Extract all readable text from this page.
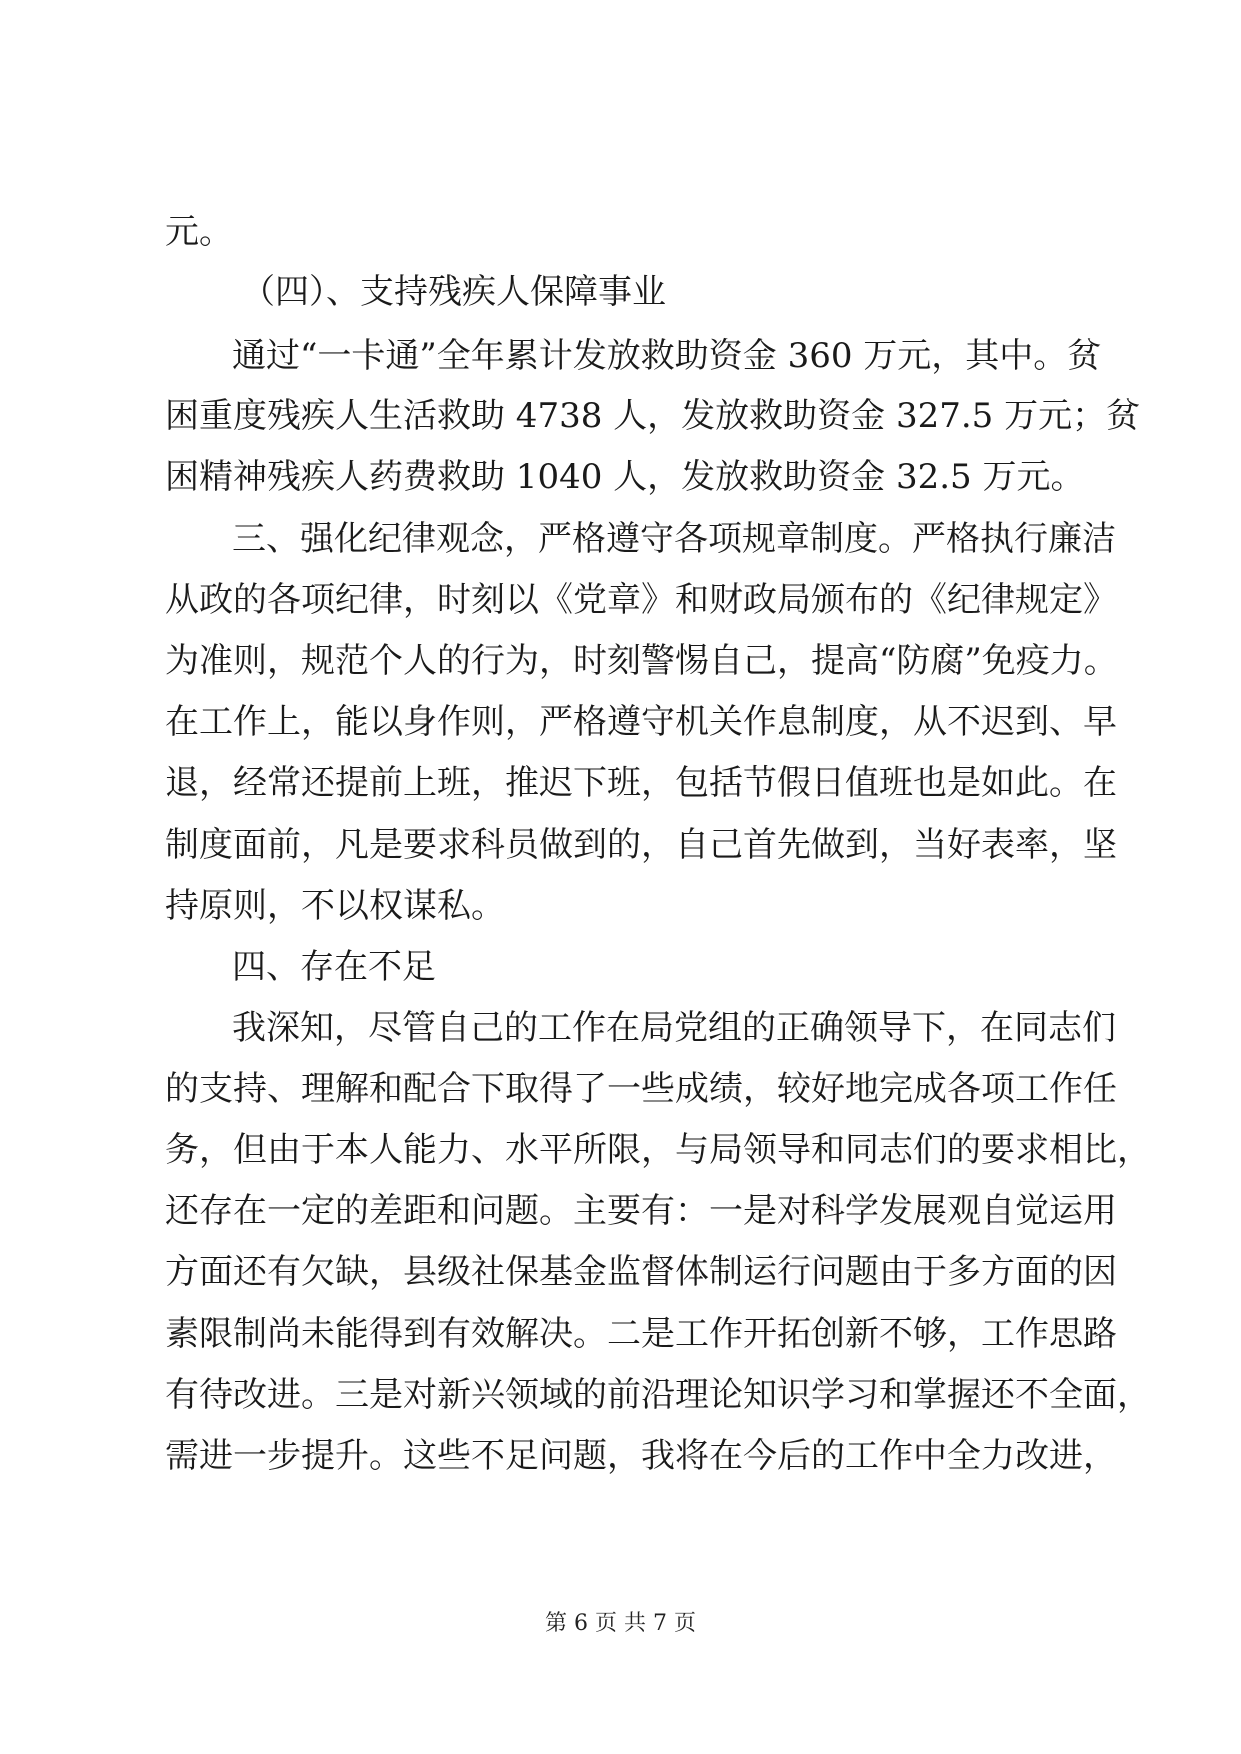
元。
（四）、支持残疾人保障事业
通过“一卡通”全年累计发放救助资金 360 万元，其中。贫
困重度残疾人生活救助 4738 人，发放救助资金 327.5 万元；贫
困精神残疾人药费救助 1040 人，发放救助资金 32.5 万元。
三、强化纪律观念，严格遵守各项规章制度。严格执行廉洁
从政的各项纪律，时刻以《党章》和财政局颁布的《纪律规定》
为准则，规范个人的行为，时刻警惕自己，提高“防腐”免疫力。
在工作上，能以身作则，严格遵守机关作息制度，从不迟到、早
退，经常还提前上班，推迟下班，包括节假日值班也是如此。在
制度面前，凡是要求科员做到的，自己首先做到，当好表率，坚
持原则，不以权谋私。
四、存在不足
我深知，尽管自己的工作在局党组的正确领导下，在同志们
的支持、理解和配合下取得了一些成绩，较好地完成各项工作任
务，但由于本人能力、水平所限，与局领导和同志们的要求相比，
还存在一定的差距和问题。主要有：一是对科学发展观自觉运用
方面还有欠缺，县级社保基金监督体制运行问题由于多方面的因
素限制尚未能得到有效解决。二是工作开拓创新不够，工作思路
有待改进。三是对新兴领域的前沿理论知识学习和掌握还不全面，
需进一步提升。这些不足问题，我将在今后的工作中全力改进，
第 6 页 共 7 页
